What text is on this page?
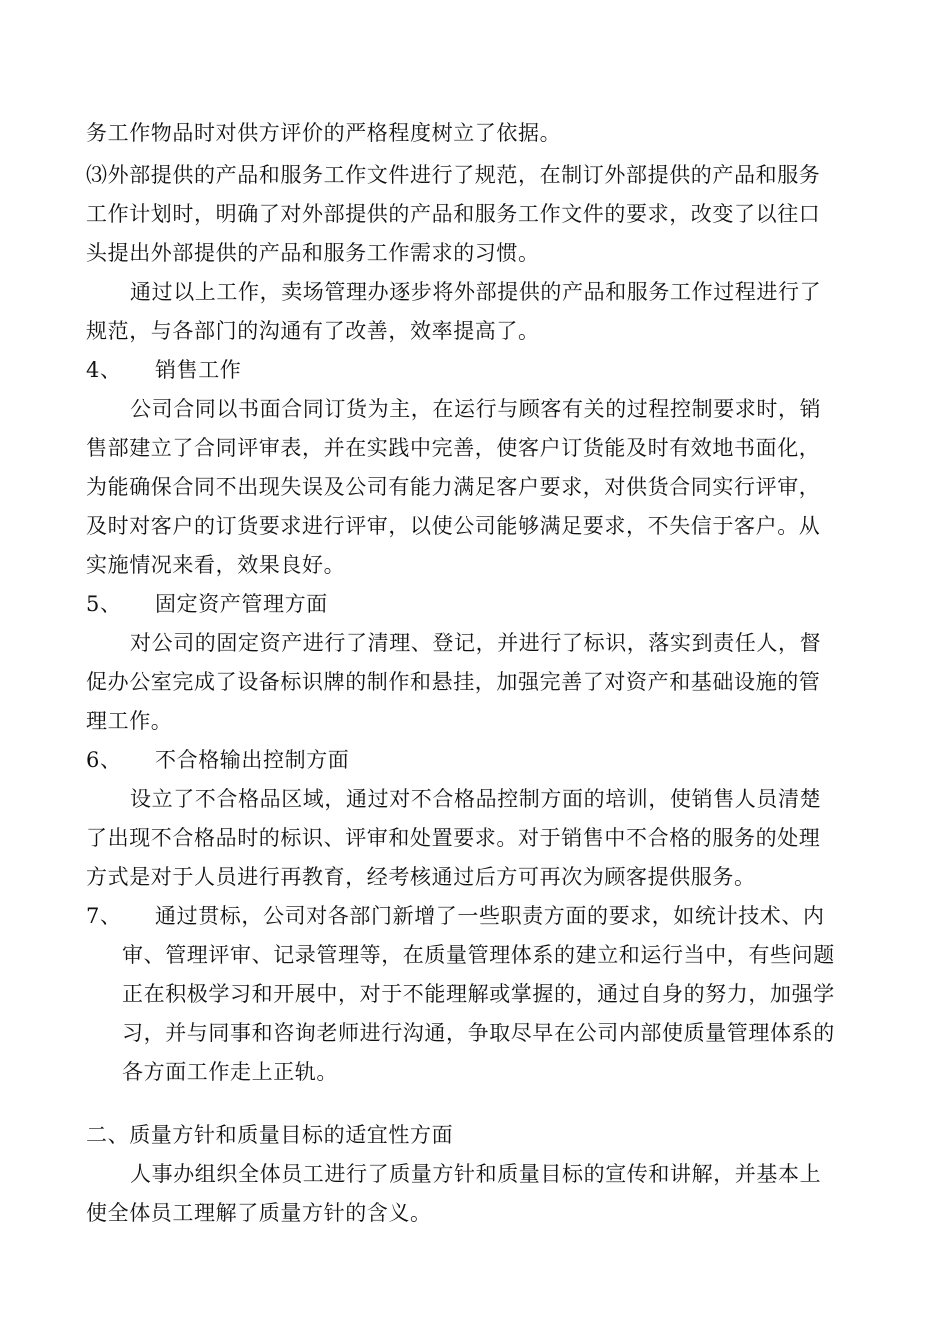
务工作物品时对供方评价的严格程度树立了依据。
⑶外部提供的产品和服务工作文件进行了规范，在制订外部提供的产品和服务
工作计划时，明确了对外部提供的产品和服务工作文件的要求，改变了以往口
头提出外部提供的产品和服务工作需求的习惯。
通过以上工作，卖场管理办逐步将外部提供的产品和服务工作过程进行了
规范，与各部门的沟通有了改善，效率提高了。
4、 销售工作
公司合同以书面合同订货为主，在运行与顾客有关的过程控制要求时，销
售部建立了合同评审表，并在实践中完善，使客户订货能及时有效地书面化，
为能确保合同不出现失误及公司有能力满足客户要求，对供货合同实行评审，
及时对客户的订货要求进行评审，以使公司能够满足要求，不失信于客户。从
实施情况来看，效果良好。
5、 固定资产管理方面
对公司的固定资产进行了清理、登记，并进行了标识，落实到责任人，督
促办公室完成了设备标识牌的制作和悬挂，加强完善了对资产和基础设施的管
理工作。
6、 不合格输出控制方面
设立了不合格品区域，通过对不合格品控制方面的培训，使销售人员清楚
了出现不合格品时的标识、评审和处置要求。对于销售中不合格的服务的处理
方式是对于人员进行再教育，经考核通过后方可再次为顾客提供服务。
7、 通过贯标，公司对各部门新增了一些职责方面的要求，如统计技术、内
审、管理评审、记录管理等，在质量管理体系的建立和运行当中，有些问题
正在积极学习和开展中，对于不能理解或掌握的，通过自身的努力，加强学
习，并与同事和咨询老师进行沟通，争取尽早在公司内部使质量管理体系的
各方面工作走上正轨。
二、质量方针和质量目标的适宜性方面
人事办组织全体员工进行了质量方针和质量目标的宣传和讲解，并基本上
使全体员工理解了质量方针的含义。
